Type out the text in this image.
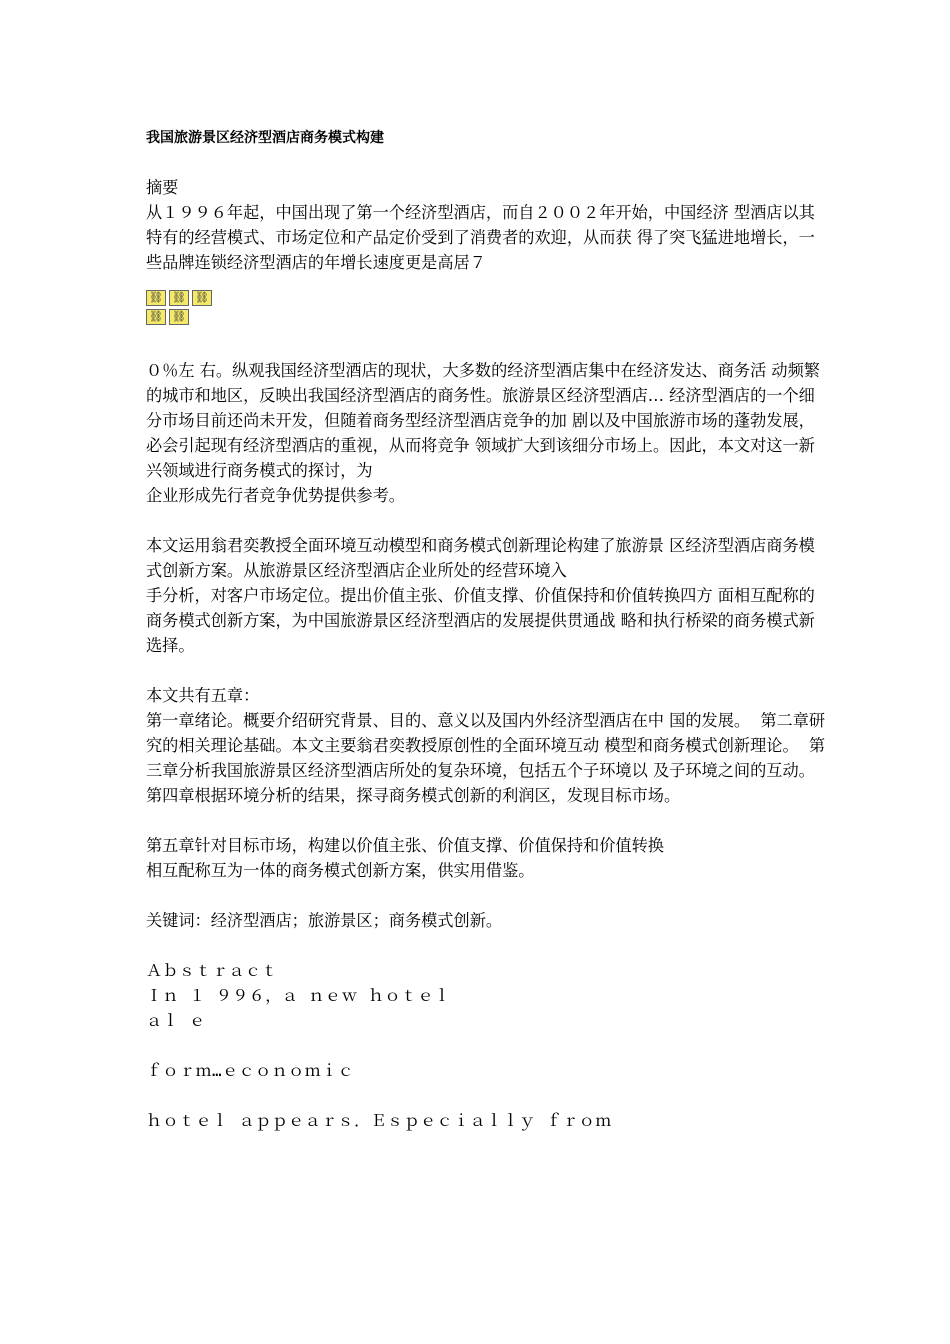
我国旅游景区经济型酒店商务模式构建

摘要

从１９９６年起，中国出现了第一个经济型酒店，而自２００２年开始，中国经济 型酒店以其特有的经营模式、市场定位和产品定价受到了消费者的欢迎，从而获 得了突飞猛进地增长，一些品牌连锁经济型酒店的年增长速度更是高居７

⛓ ⛓ ⛓
⛓ ⛓

０％左 右。纵观我国经济型酒店的现状，大多数的经济型酒店集中在经济发达、商务活 动频繁的城市和地区，反映出我国经济型酒店的商务性。旅游景区经济型酒店… 经济型酒店的一个细分市场目前还尚未开发，但随着商务型经济型酒店竞争的加 剧以及中国旅游市场的蓬勃发展，必会引起现有经济型酒店的重视，从而将竞争 领域扩大到该细分市场上。因此，本文对这一新兴领域进行商务模式的探讨，为

企业形成先行者竞争优势提供参考。

本文运用翁君奕教授全面环境互动模型和商务模式创新理论构建了旅游景 区经济型酒店商务模式创新方案。从旅游景区经济型酒店企业所处的经营环境入

手分析，对客户市场定位。提出价值主张、价值支撑、价值保持和价值转换四方 面相互配称的商务模式创新方案，为中国旅游景区经济型酒店的发展提供贯通战 略和执行桥梁的商务模式新选择。

本文共有五章：

第一章绪论。概要介绍研究背景、目的、意义以及国内外经济型酒店在中 国的发展。  第二章研究的相关理论基础。本文主要翁君奕教授原创性的全面环境互动 模型和商务模式创新理论。  第三章分析我国旅游景区经济型酒店所处的复杂环境，包括五个子环境以 及子环境之间的互动。  第四章根据环境分析的结果，探寻商务模式创新的利润区，发现目标市场。

第五章针对目标市场，构建以价值主张、价值支撑、价值保持和价值转换

相互配称互为一体的商务模式创新方案，供实用借鉴。

关键词：经济型酒店；旅游景区；商务模式创新。

Ａｂｓｔｒａｃｔ

Ｉｎ １ ９９６，ａ ｎｅｗ ｈｏｔｅｌ

ａｌ ｅ

ｆｏｒｍ…ｅｃｏｎｏｍｉｃ

ｈｏｔｅｌ ａｐｐｅａｒｓ．Ｅｓｐｅｃｉａｌｌｙ ｆｒｏｍ
